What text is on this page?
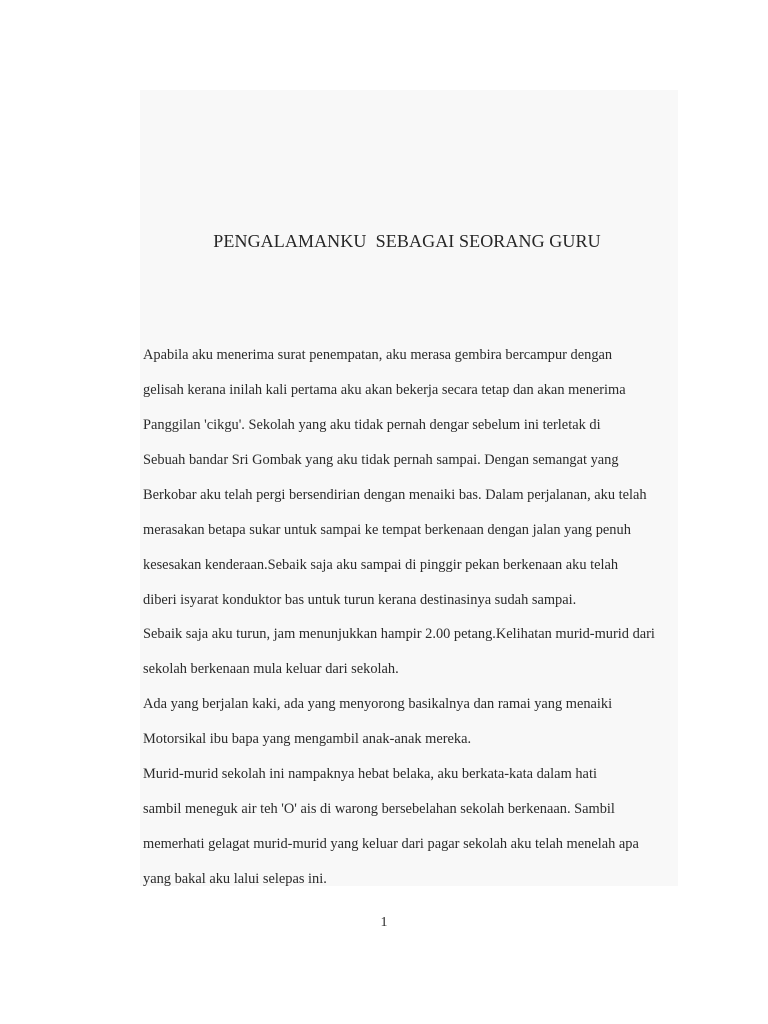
PENGALAMANKU  SEBAGAI SEORANG GURU
Apabila aku menerima surat penempatan, aku merasa gembira bercampur dengan
gelisah kerana inilah kali pertama aku akan bekerja secara tetap dan akan menerima
Panggilan 'cikgu'. Sekolah yang aku tidak pernah dengar sebelum ini terletak di
Sebuah bandar Sri Gombak yang aku tidak pernah sampai. Dengan semangat yang
Berkobar aku telah pergi bersendirian dengan menaiki bas. Dalam perjalanan, aku telah
merasakan betapa sukar untuk sampai ke tempat berkenaan dengan jalan yang penuh
kesesakan kenderaan.Sebaik saja aku sampai di pinggir pekan berkenaan aku telah
diberi isyarat konduktor bas untuk turun kerana destinasinya sudah sampai.
Sebaik saja aku turun, jam menunjukkan hampir 2.00 petang.Kelihatan murid-murid dari
sekolah berkenaan mula keluar dari sekolah.
Ada yang berjalan kaki, ada yang menyorong basikalnya dan ramai yang menaiki
Motorsikal ibu bapa yang mengambil anak-anak mereka.
Murid-murid sekolah ini nampaknya hebat belaka, aku berkata-kata dalam hati
sambil meneguk air teh 'O' ais di warong bersebelahan sekolah berkenaan. Sambil
memerhati gelagat murid-murid yang keluar dari pagar sekolah aku telah menelah apa
yang bakal aku lalui selepas ini.
1
